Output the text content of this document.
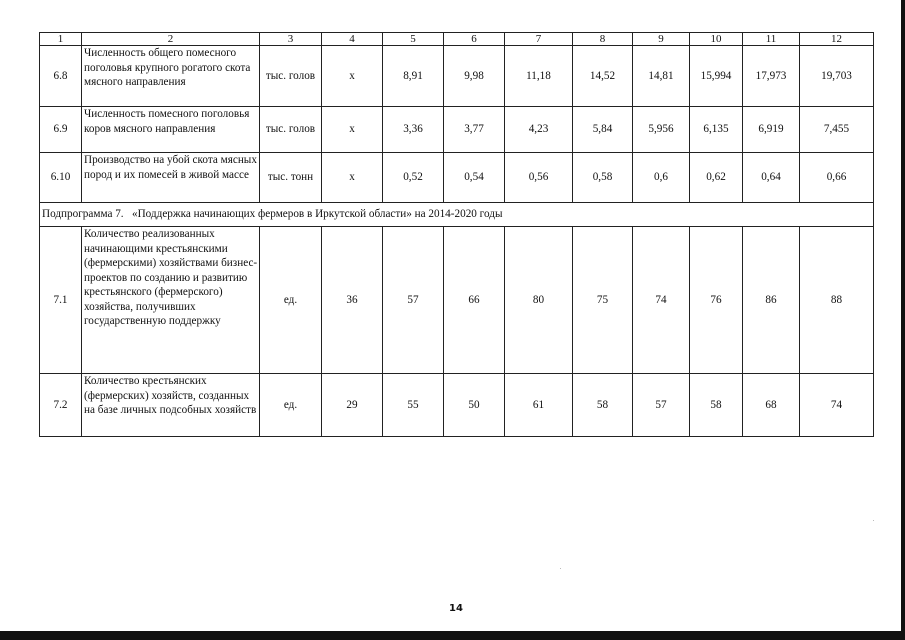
1	2	3	4	5	6	7	8	9	10	11	12
6.8	Численность общего помесного поголовья крупного рогатого скота мясного направления	тыс. голов	х	8,91	9,98	11,18	14,52	14,81	15,994	17,973	19,703
6.9	Численность помесного поголовья коров мясного направления	тыс. голов	х	3,36	3,77	4,23	5,84	5,956	6,135	6,919	7,455
6.10	Производство на убой скота мясных пород и их помесей в живой массе	тыс. тонн	х	0,52	0,54	0,56	0,58	0,6	0,62	0,64	0,66
Подпрограмма 7.   «Поддержка начинающих фермеров в Иркутской области» на 2014-2020 годы											
7.1	Количество реализованных начинающими крестьянскими (фермерскими) хозяйствами бизнес-проектов по созданию и развитию крестьянского (фермерского) хозяйства, получивших государственную поддержку	ед.	36	57	66	80	75	74	76	86	88
7.2	Количество крестьянских (фермерских) хозяйств, созданных на базе личных подсобных хозяйств	ед.	29	55	50	61	58	57	58	68	74
14
